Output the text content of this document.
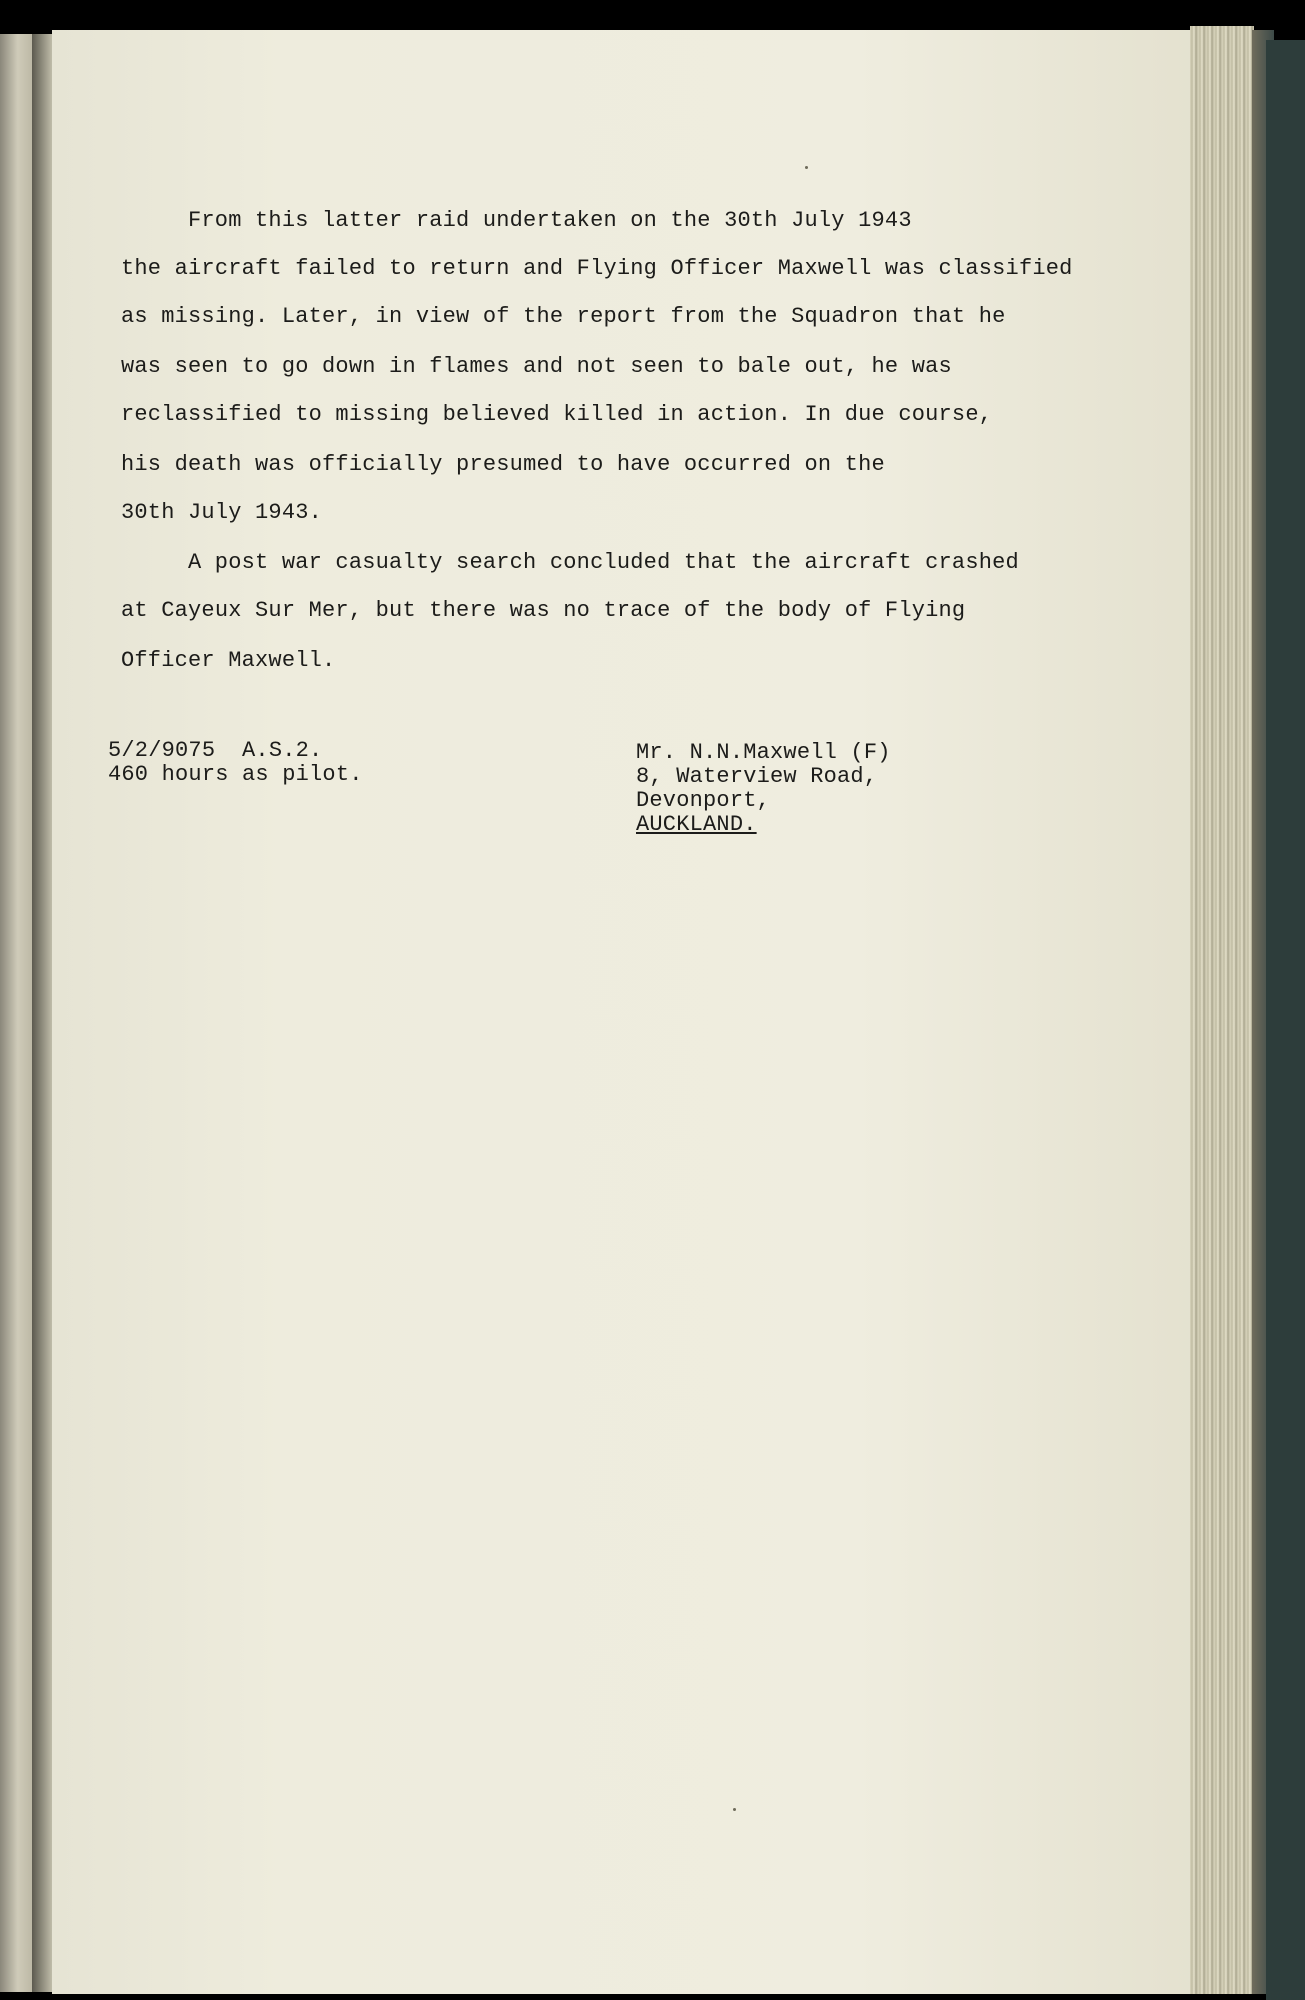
From this latter raid undertaken on the 30th July 1943
the aircraft failed to return and Flying Officer Maxwell was classified
as missing. Later, in view of the report from the Squadron that he
was seen to go down in flames and not seen to bale out, he was
reclassified to missing believed killed in action. In due course,
his death was officially presumed to have occurred on the
30th July 1943.
A post war casualty search concluded that the aircraft crashed
at Cayeux Sur Mer, but there was no trace of the body of Flying
Officer Maxwell.
5/2/9075  A.S.2.
460 hours as pilot.
Mr. N.N.Maxwell (F)
8, Waterview Road,
Devonport,
AUCKLAND.
